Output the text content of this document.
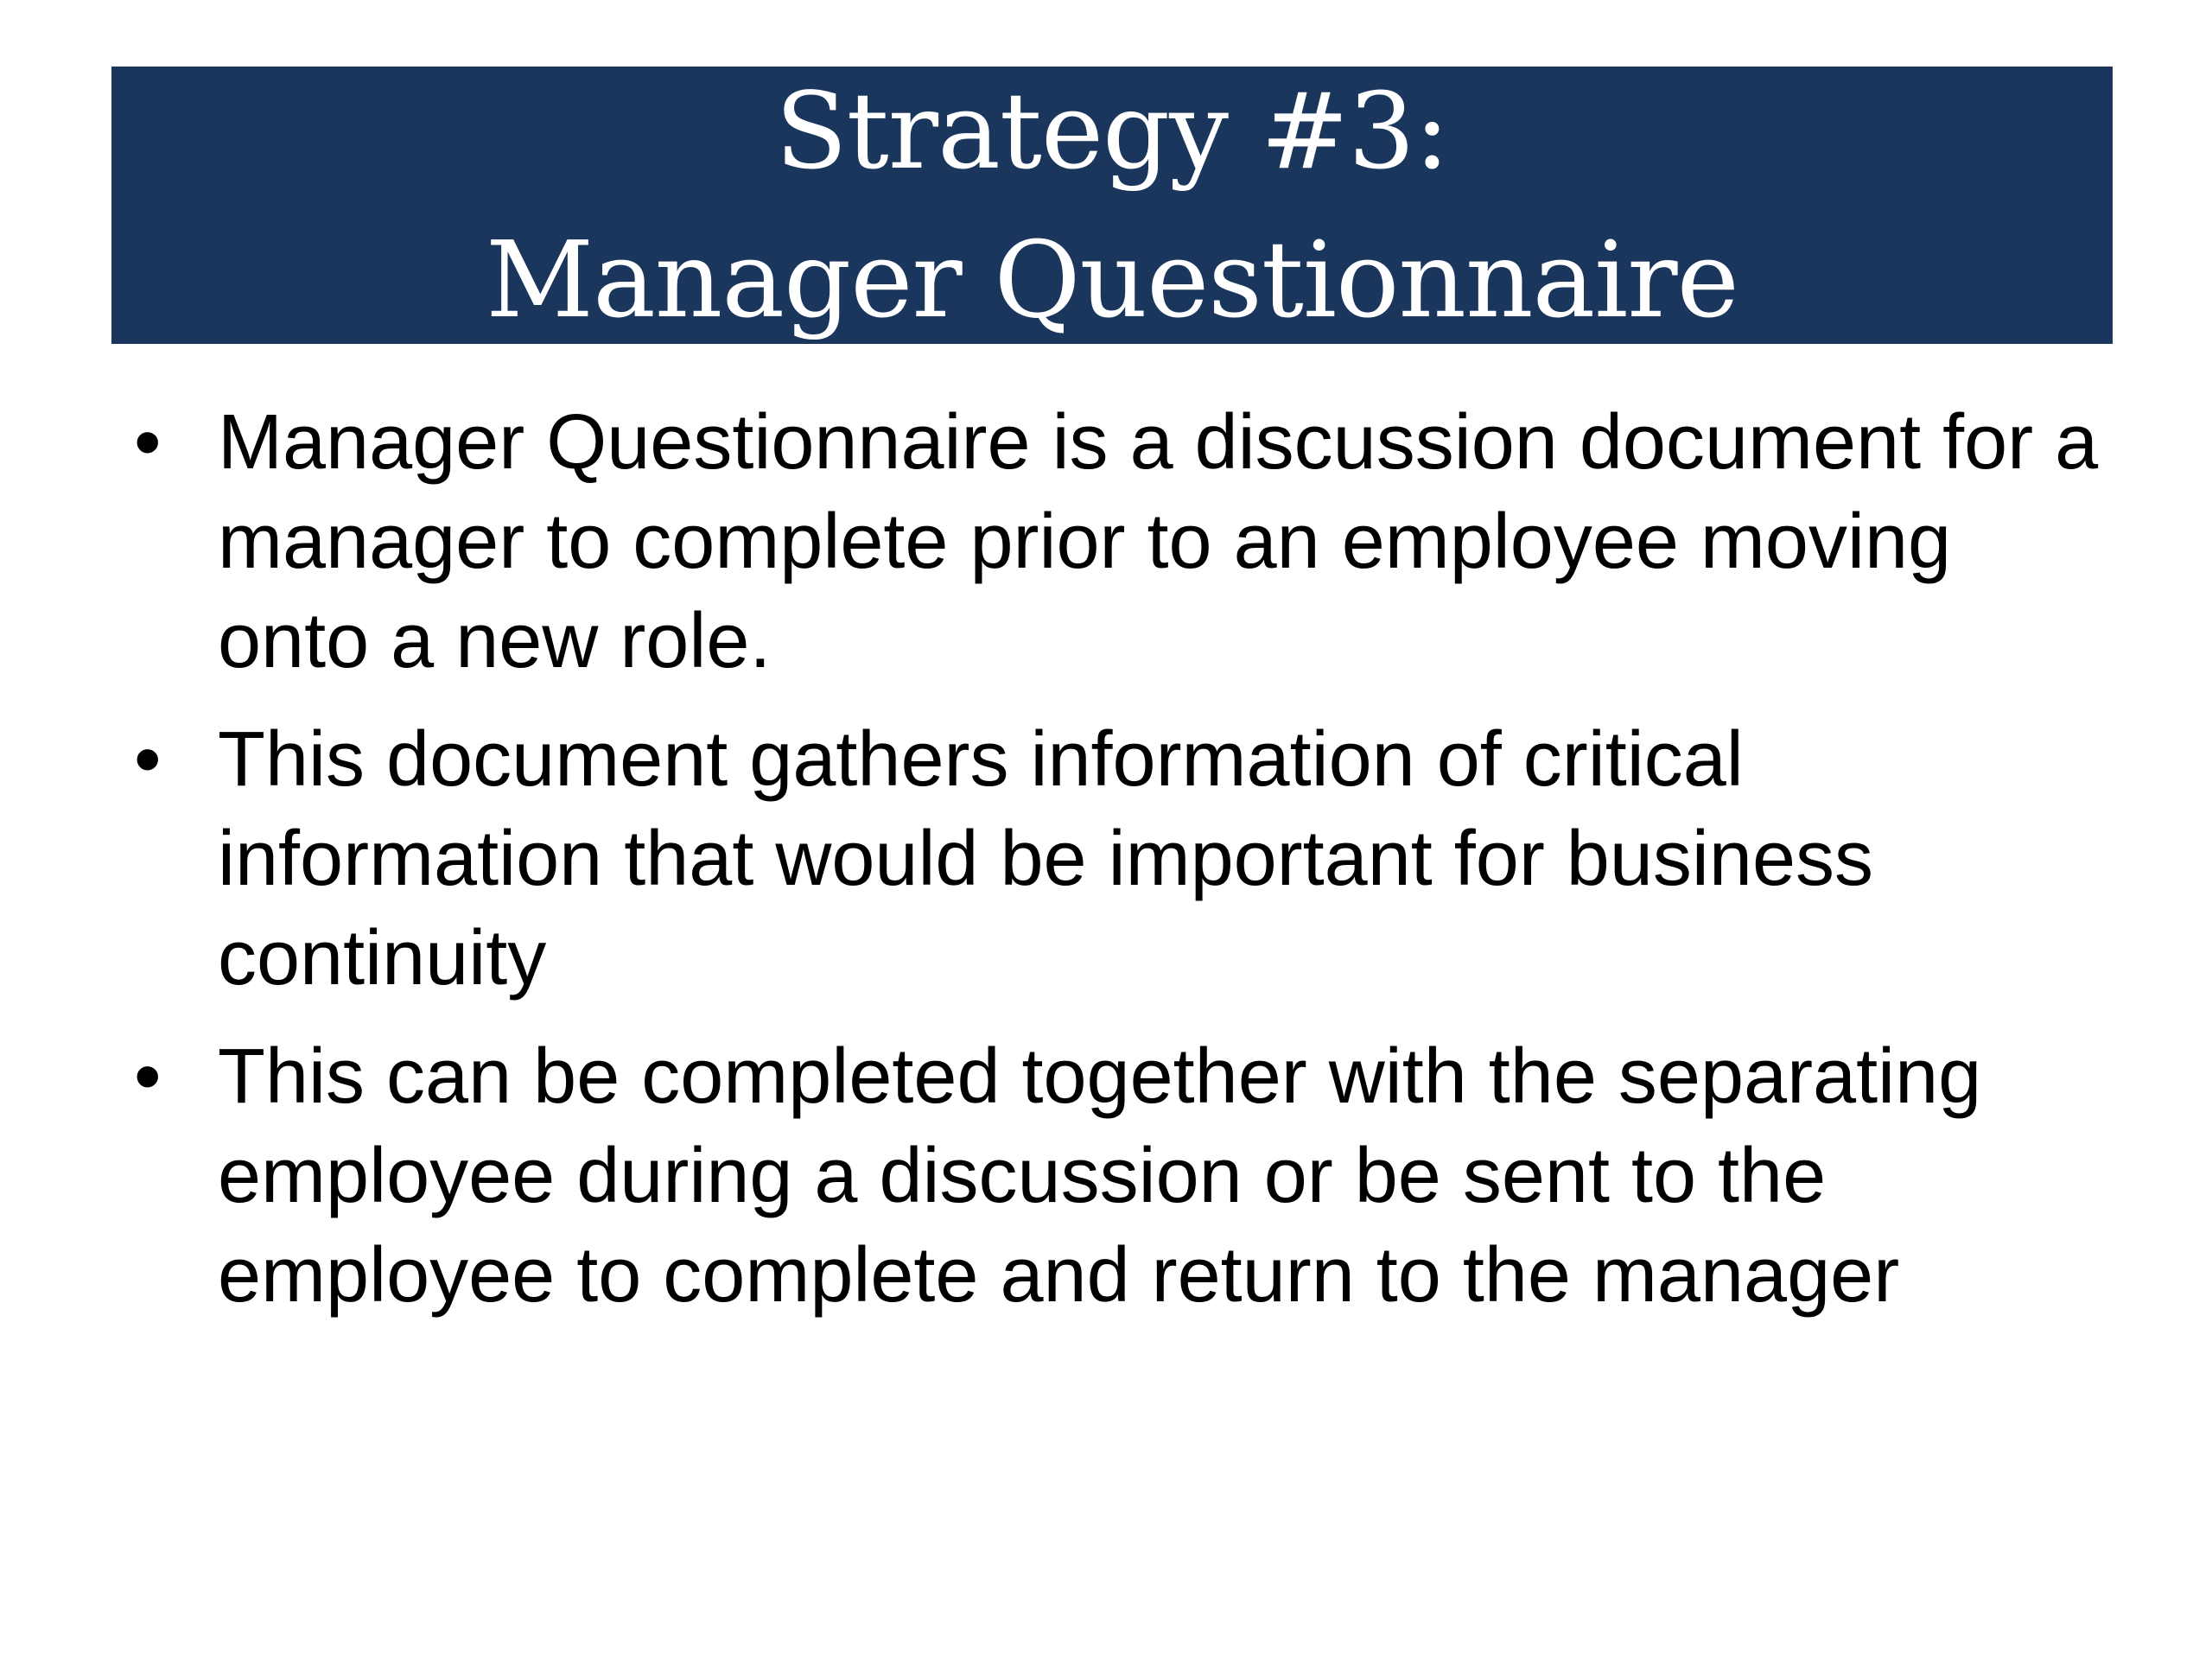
Strategy #3:
Manager Questionnaire
• Manager Questionnaire is a discussion document for a manager to complete prior to an employee moving onto a new role.
• This document gathers information of critical information that would be important for business continuity
• This can be completed together with the separating employee during a discussion or be sent to the employee to complete and return to the manager
